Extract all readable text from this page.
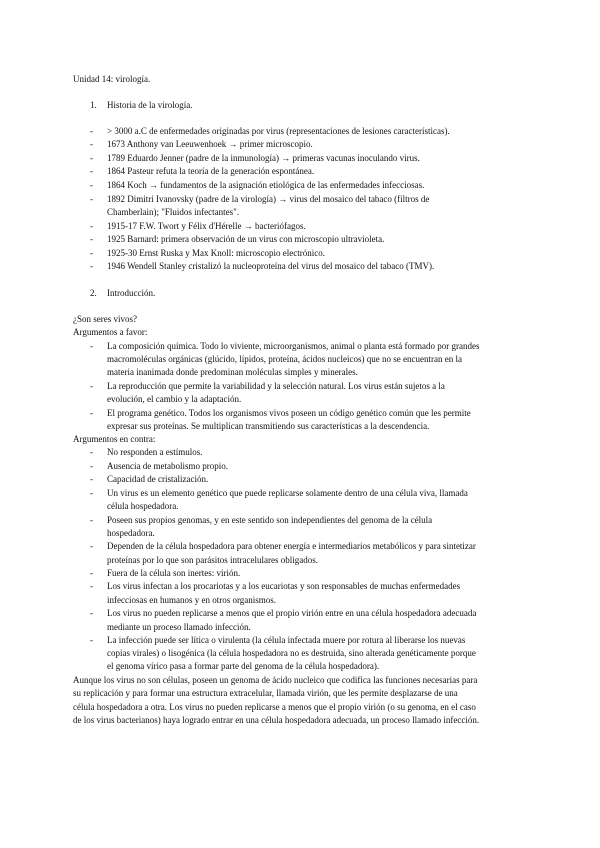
Unidad 14: virología.
1. Historia de la virología.
- > 3000 a.C de enfermedades originadas por virus (representaciones de lesiones características).
- 1673 Anthony van Leeuwenhoek → primer microscopio.
- 1789 Eduardo Jenner (padre de la inmunología) → primeras vacunas inoculando virus.
- 1864 Pasteur refuta la teoría de la generación espontánea.
- 1864 Koch → fundamentos de la asignación etiológica de las enfermedades infecciosas.
- 1892 Dimitri Ivanovsky (padre de la virología) → virus del mosaico del tabaco (filtros de
Chamberlain); "Fluidos infectantes".
- 1915-17 F.W. Twort y Félix d'Hérelle → bacteriófagos.
- 1925 Barnard: primera observación de un virus con microscopio ultravioleta.
- 1925-30 Ernst Ruska y Max Knoll: microscopio electrónico.
- 1946 Wendell Stanley cristalizó la nucleoproteína del virus del mosaico del tabaco (TMV).
2. Introducción.
¿Son seres vivos?
Argumentos a favor:
- La composición química. Todo lo viviente, microorganismos, animal o planta está formado por grandes
macromoléculas orgánicas (glúcido, lípidos, proteína, ácidos nucleicos) que no se encuentran en la
materia inanimada donde predominan moléculas simples y minerales.
- La reproducción que permite la variabilidad y la selección natural. Los virus están sujetos a la
evolución, el cambio y la adaptación.
- El programa genético. Todos los organismos vivos poseen un código genético común que les permite
expresar sus proteínas. Se multiplican transmitiendo sus características a la descendencia.
Argumentos en contra:
- No responden a estímulos.
- Ausencia de metabolismo propio.
- Capacidad de cristalización.
- Un virus es un elemento genético que puede replicarse solamente dentro de una célula viva, llamada
célula hospedadora.
- Poseen sus propios genomas, y en este sentido son independientes del genoma de la célula
hospedadora.
- Dependen de la célula hospedadora para obtener energía e intermediarios metabólicos y para sintetizar
proteínas por lo que son parásitos intracelulares obligados.
- Fuera de la célula son inertes: virión.
- Los virus infectan a los procariotas y a los eucariotas y son responsables de muchas enfermedades
infecciosas en humanos y en otros organismos.
- Los virus no pueden replicarse a menos que el propio virión entre en una célula hospedadora adecuada
mediante un proceso llamado infección.
- La infección puede ser lítica o virulenta (la célula infectada muere por rotura al liberarse los nuevas
copias virales) o lisogénica (la célula hospedadora no es destruida, sino alterada genéticamente porque
el genoma vírico pasa a formar parte del genoma de la célula hospedadora).
Aunque los virus no son células, poseen un genoma de ácido nucleico que codifica las funciones necesarias para
su replicación y para formar una estructura extracelular, llamada virión, que les permite desplazarse de una
célula hospedadora a otra. Los virus no pueden replicarse a menos que el propio virión (o su genoma, en el caso
de los virus bacterianos) haya logrado entrar en una célula hospedadora adecuada, un proceso llamado infección.
